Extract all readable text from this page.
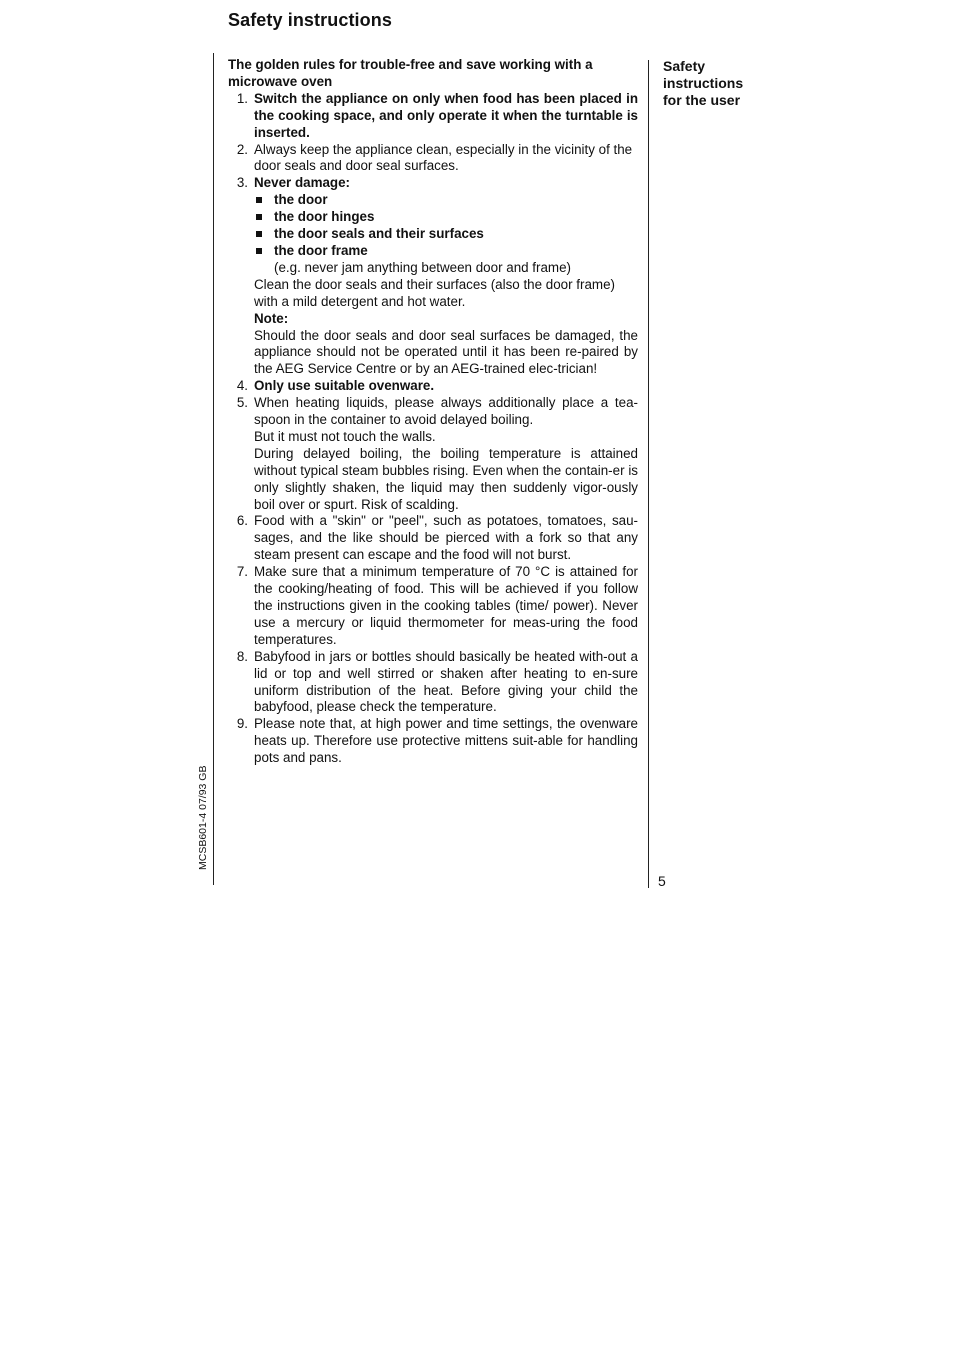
Safety instructions
MCSB601-4 07/93 GB

The golden rules for trouble-free and save working with a microwave oven

1. Switch the appliance on only when food has been placed in the cooking space, and only operate it when the turntable is inserted.
2. Always keep the appliance clean, especially in the vicinity of the door seals and door seal surfaces.
3. Never damage:
the door
the door hinges
the door seals and their surfaces
the door frame
(e.g. never jam anything between door and frame)
Clean the door seals and their surfaces (also the door frame) with a mild detergent and hot water.
Note:
Should the door seals and door seal surfaces be damaged, the appliance should not be operated until it has been re-paired by the AEG Service Centre or by an AEG-trained elec-trician!
4. Only use suitable ovenware.
5. When heating liquids, please always additionally place a tea-spoon in the container to avoid delayed boiling.
But it must not touch the walls.
During delayed boiling, the boiling temperature is attained without typical steam bubbles rising. Even when the contain-er is only slightly shaken, the liquid may then suddenly vigor-ously boil over or spurt. Risk of scalding.
6. Food with a "skin" or "peel", such as potatoes, tomatoes, sau-sages, and the like should be pierced with a fork so that any steam present can escape and the food will not burst.
7. Make sure that a minimum temperature of 70 °C is attained for the cooking/heating of food. This will be achieved if you follow the instructions given in the cooking tables (time/ power). Never use a mercury or liquid thermometer for meas-uring the food temperatures.
8. Babyfood in jars or bottles should basically be heated with-out a lid or top and well stirred or shaken after heating to en-sure uniform distribution of the heat. Before giving your child the babyfood, please check the temperature.
9. Please note that, at high power and time settings, the ovenware heats up. Therefore use protective mittens suit-able for handling pots and pans.
Safety
instructions
for the user
5
